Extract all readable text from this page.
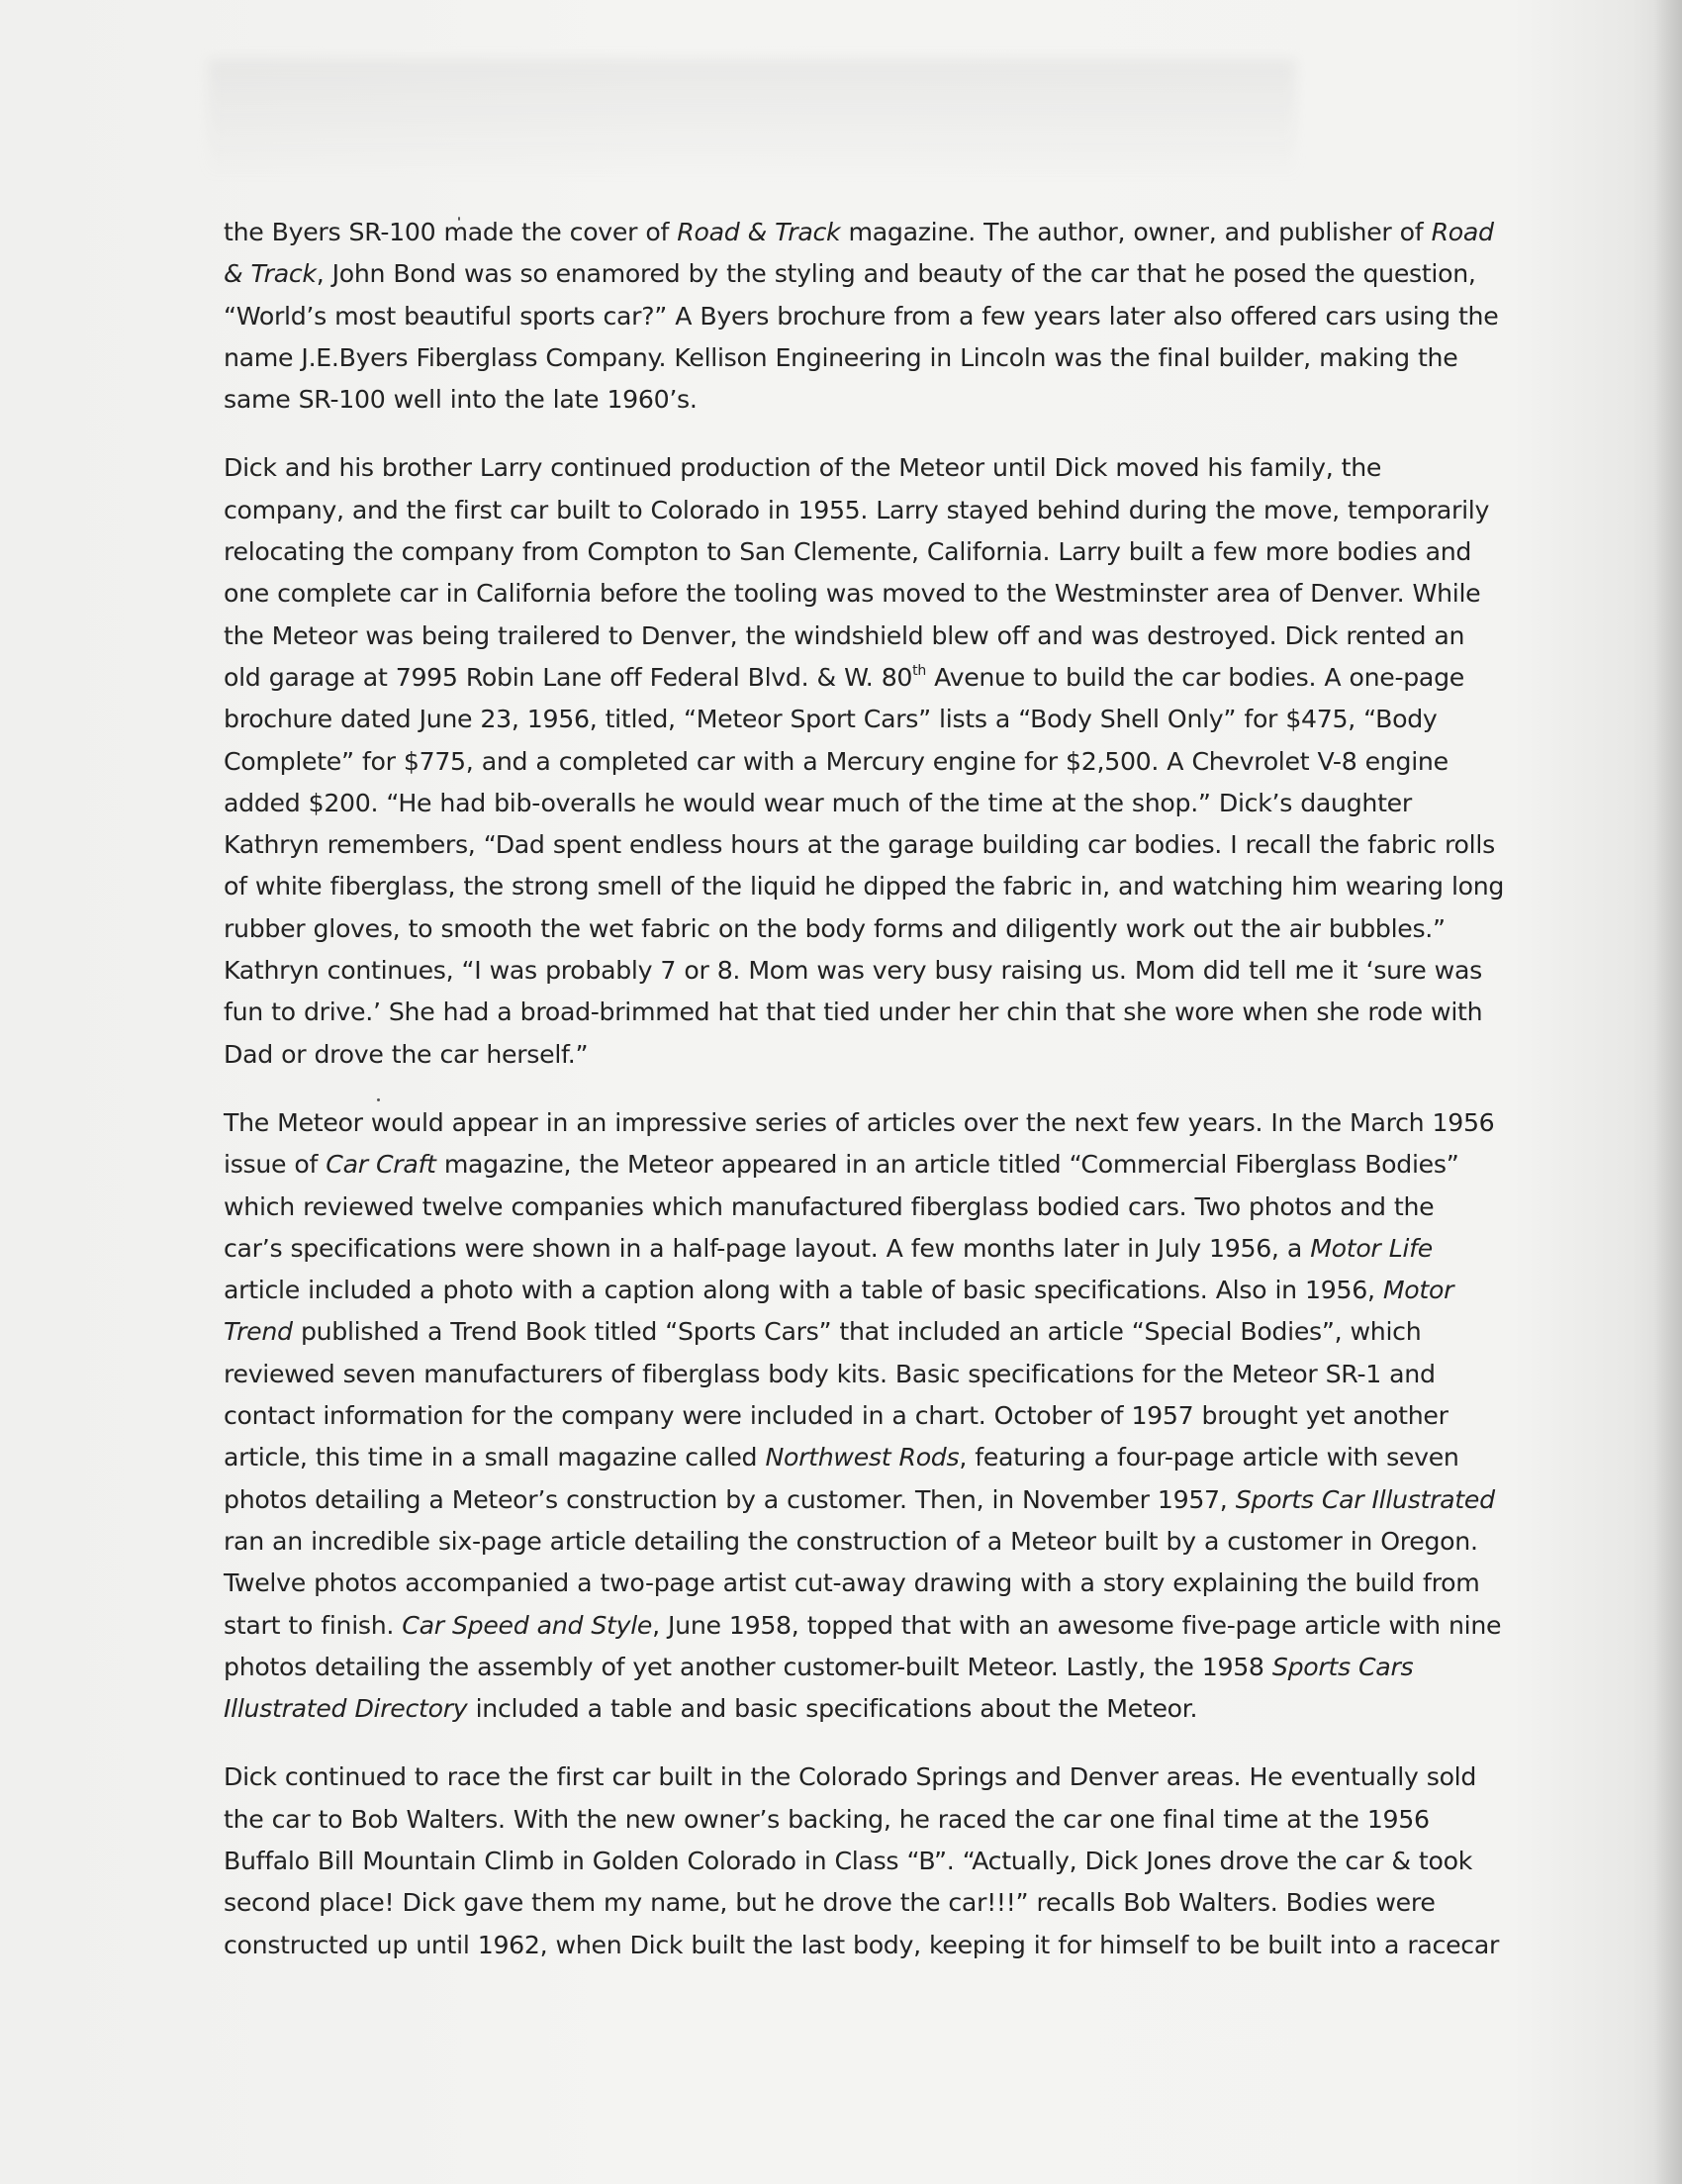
the Byers SR-100 made the cover of Road & Track magazine. The author, owner, and publisher of Road
& Track, John Bond was so enamored by the styling and beauty of the car that he posed the question,
“World’s most beautiful sports car?” A Byers brochure from a few years later also offered cars using the
name J.E.Byers Fiberglass Company. Kellison Engineering in Lincoln was the final builder, making the
same SR-100 well into the late 1960’s.
Dick and his brother Larry continued production of the Meteor until Dick moved his family, the
company, and the first car built to Colorado in 1955. Larry stayed behind during the move, temporarily
relocating the company from Compton to San Clemente, California. Larry built a few more bodies and
one complete car in California before the tooling was moved to the Westminster area of Denver. While
the Meteor was being trailered to Denver, the windshield blew off and was destroyed. Dick rented an
old garage at 7995 Robin Lane off Federal Blvd. & W. 80th Avenue to build the car bodies. A one-page
brochure dated June 23, 1956, titled, “Meteor Sport Cars” lists a “Body Shell Only” for $475, “Body
Complete” for $775, and a completed car with a Mercury engine for $2,500. A Chevrolet V-8 engine
added $200. “He had bib-overalls he would wear much of the time at the shop.” Dick’s daughter
Kathryn remembers, “Dad spent endless hours at the garage building car bodies. I recall the fabric rolls
of white fiberglass, the strong smell of the liquid he dipped the fabric in, and watching him wearing long
rubber gloves, to smooth the wet fabric on the body forms and diligently work out the air bubbles.”
Kathryn continues, “I was probably 7 or 8. Mom was very busy raising us. Mom did tell me it ‘sure was
fun to drive.’ She had a broad-brimmed hat that tied under her chin that she wore when she rode with
Dad or drove the car herself.”
The Meteor would appear in an impressive series of articles over the next few years. In the March 1956
issue of Car Craft magazine, the Meteor appeared in an article titled “Commercial Fiberglass Bodies”
which reviewed twelve companies which manufactured fiberglass bodied cars. Two photos and the
car’s specifications were shown in a half-page layout. A few months later in July 1956, a Motor Life
article included a photo with a caption along with a table of basic specifications. Also in 1956, Motor
Trend published a Trend Book titled “Sports Cars” that included an article “Special Bodies”, which
reviewed seven manufacturers of fiberglass body kits. Basic specifications for the Meteor SR-1 and
contact information for the company were included in a chart. October of 1957 brought yet another
article, this time in a small magazine called Northwest Rods, featuring a four-page article with seven
photos detailing a Meteor’s construction by a customer. Then, in November 1957, Sports Car Illustrated
ran an incredible six-page article detailing the construction of a Meteor built by a customer in Oregon.
Twelve photos accompanied a two-page artist cut-away drawing with a story explaining the build from
start to finish. Car Speed and Style, June 1958, topped that with an awesome five-page article with nine
photos detailing the assembly of yet another customer-built Meteor. Lastly, the 1958 Sports Cars
Illustrated Directory included a table and basic specifications about the Meteor.
Dick continued to race the first car built in the Colorado Springs and Denver areas. He eventually sold
the car to Bob Walters. With the new owner’s backing, he raced the car one final time at the 1956
Buffalo Bill Mountain Climb in Golden Colorado in Class “B”. “Actually, Dick Jones drove the car & took
second place! Dick gave them my name, but he drove the car!!!” recalls Bob Walters. Bodies were
constructed up until 1962, when Dick built the last body, keeping it for himself to be built into a racecar
